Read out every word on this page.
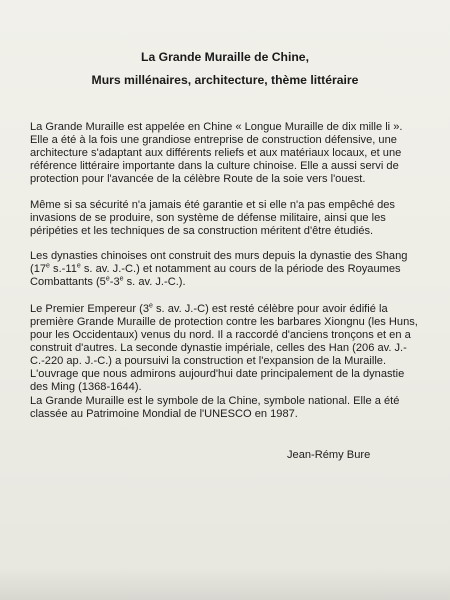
La Grande Muraille de Chine,
Murs millénaires, architecture, thème littéraire

La Grande Muraille est appelée en Chine « Longue Muraille de dix mille li ».
Elle a été à la fois une grandiose entreprise de construction défensive, une
architecture s'adaptant aux différents reliefs et aux matériaux locaux, et une
référence littéraire importante dans la culture chinoise. Elle a aussi servi de
protection pour l'avancée de la célèbre Route de la soie vers l'ouest.

Même si sa sécurité n'a jamais été garantie et si elle n'a pas empêché des
invasions de se produire, son système de défense militaire, ainsi que les
péripéties et les techniques de sa construction méritent d'être étudiés.

Les dynasties chinoises ont construit des murs depuis la dynastie des Shang
(17e s.-11e s. av. J.-C.) et notamment au cours de la période des Royaumes
Combattants (5e-3e s. av. J.-C.).

Le Premier Empereur (3e s. av. J.-C) est resté célèbre pour avoir édifié la
première Grande Muraille de protection contre les barbares Xiongnu (les Huns,
pour les Occidentaux) venus du nord. Il a raccordé d'anciens tronçons et en a
construit d'autres. La seconde dynastie impériale, celles des Han (206 av. J.-
C.-220 ap. J.-C.) a poursuivi la construction et l'expansion de la Muraille.
L'ouvrage que nous admirons aujourd'hui date principalement de la dynastie
des Ming (1368-1644).

La Grande Muraille est le symbole de la Chine, symbole national. Elle a été
classée au Patrimoine Mondial de l'UNESCO en 1987.

Jean-Rémy Bure
